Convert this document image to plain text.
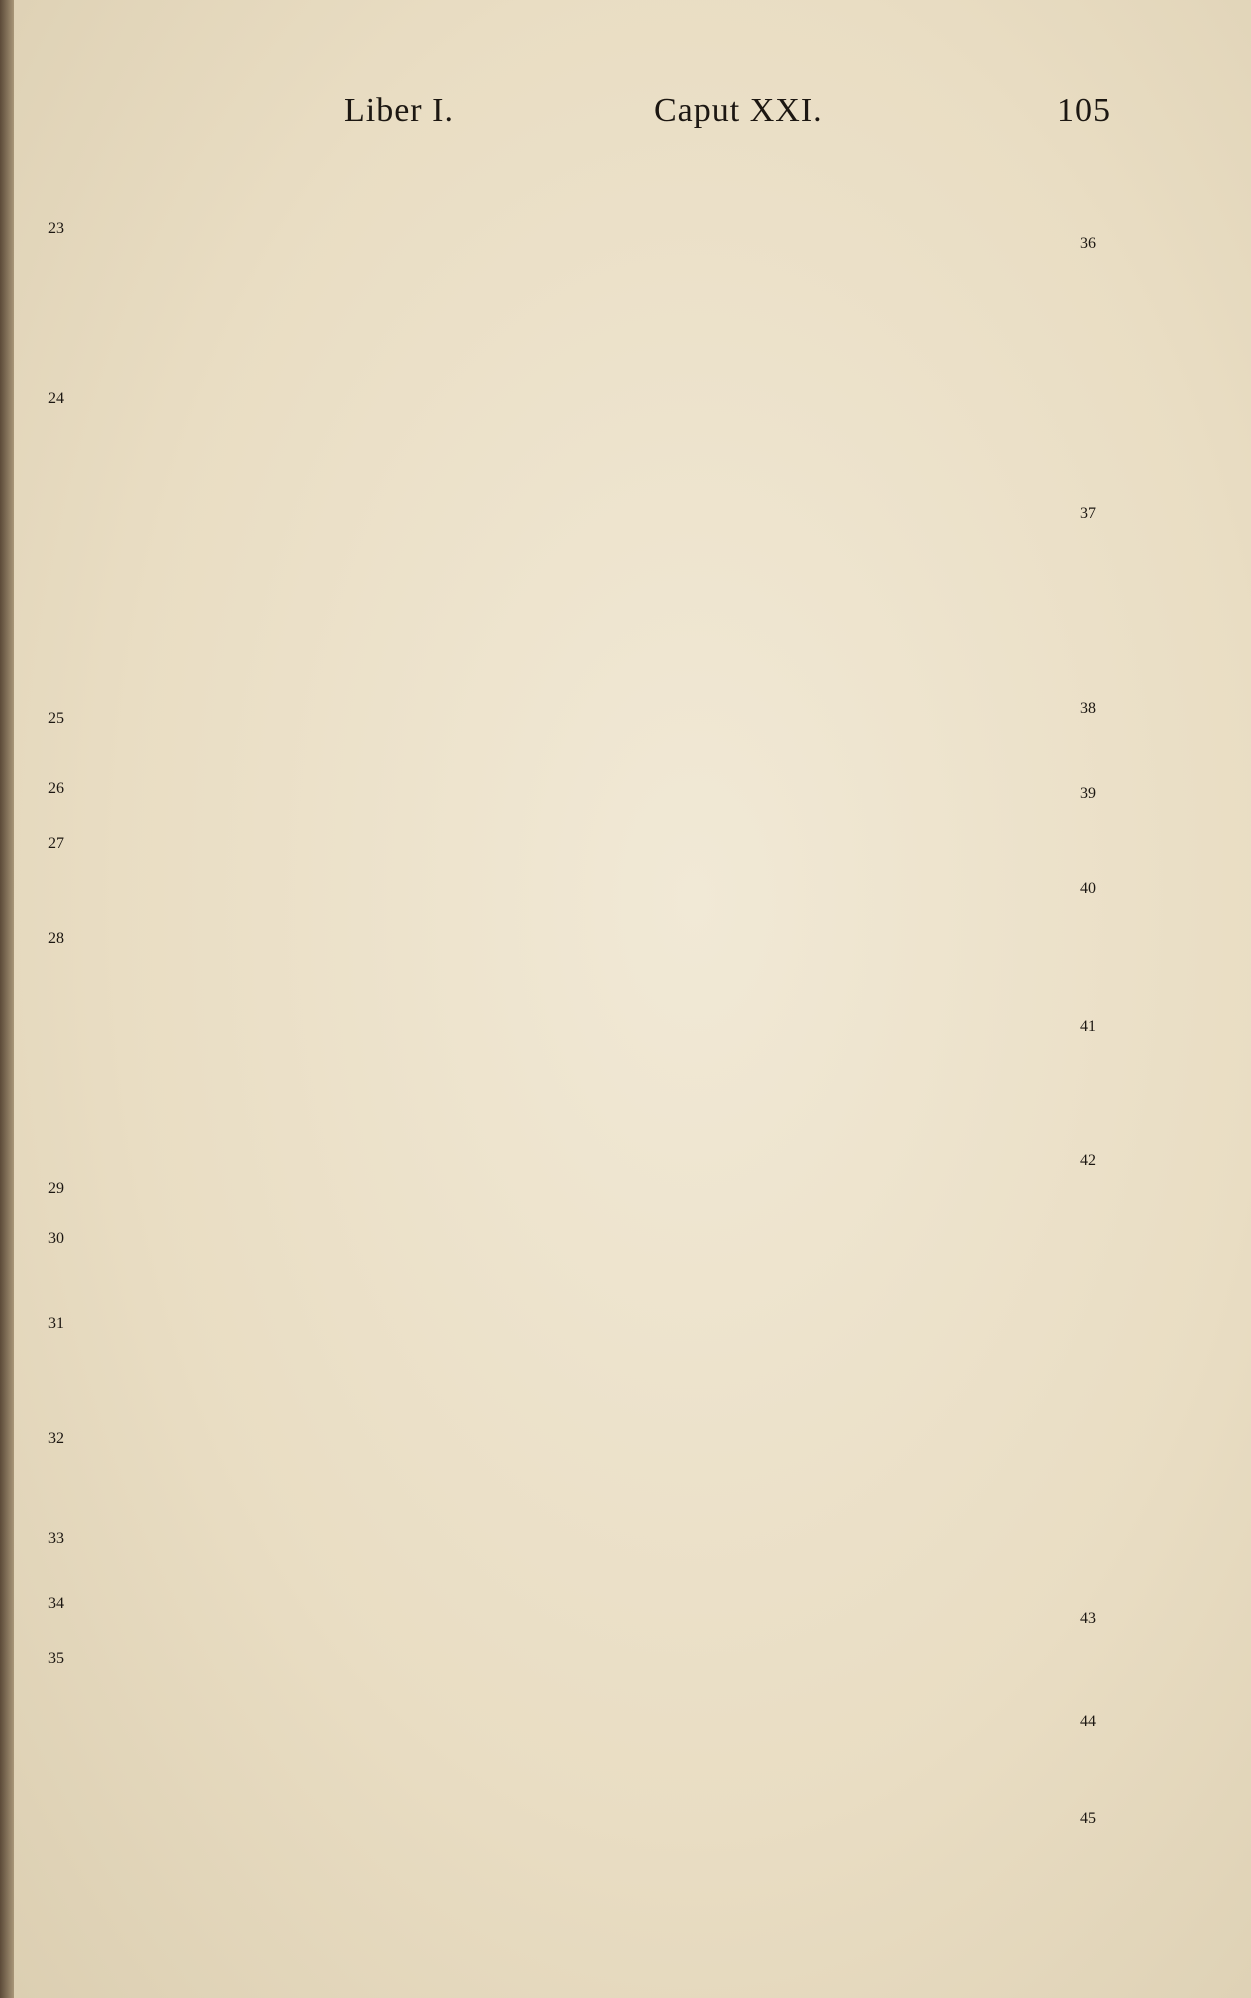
Liber I.	Caput XXI.	105
23
24
25
26
27
28
29
30
31
32
33
34
35
36
37
38
39
40
41
42
43
44
45
